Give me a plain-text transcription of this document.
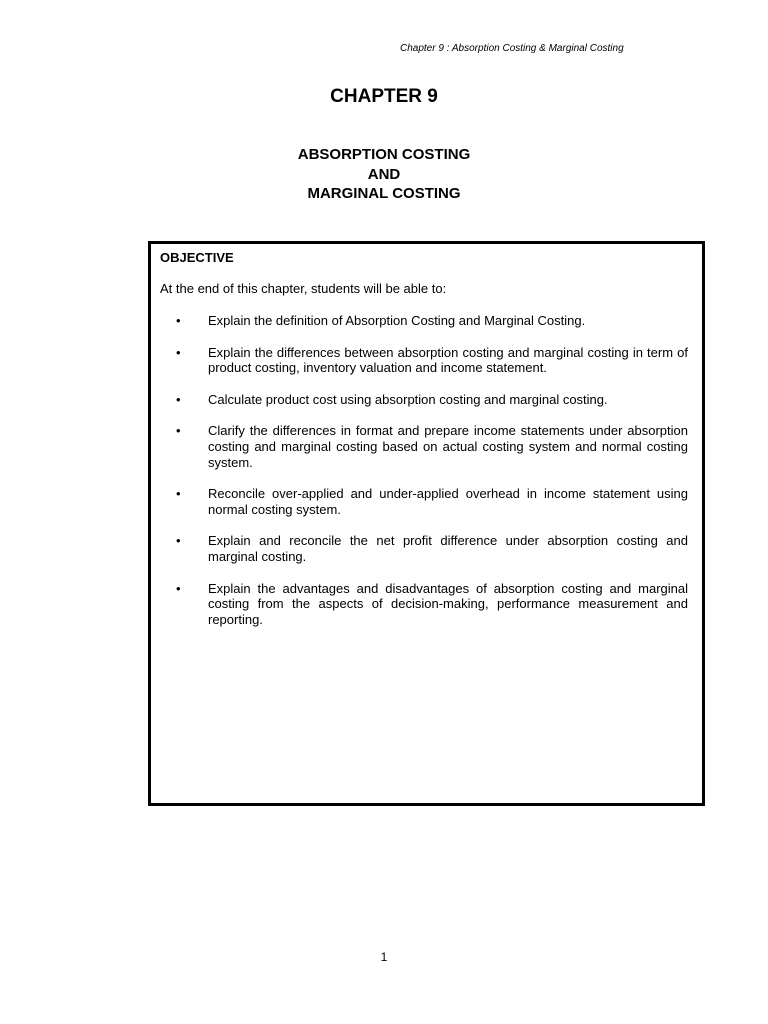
Chapter 9 : Absorption Costing & Marginal Costing
CHAPTER 9
ABSORPTION COSTING
AND
MARGINAL COSTING
OBJECTIVE
At the end of this chapter, students will be able to:
• Explain the definition of Absorption Costing and Marginal Costing.
• Explain the differences between absorption costing and marginal costing in term of product costing, inventory valuation and income statement.
• Calculate product cost using absorption costing and marginal costing.
• Clarify the differences in format and prepare income statements under absorption costing and marginal costing based on actual costing system and normal costing system.
• Reconcile over-applied and under-applied overhead in income statement using normal costing system.
• Explain and reconcile the net profit difference under absorption costing and marginal costing.
• Explain the advantages and disadvantages of absorption costing and marginal costing from the aspects of decision-making, performance measurement and reporting.
1
